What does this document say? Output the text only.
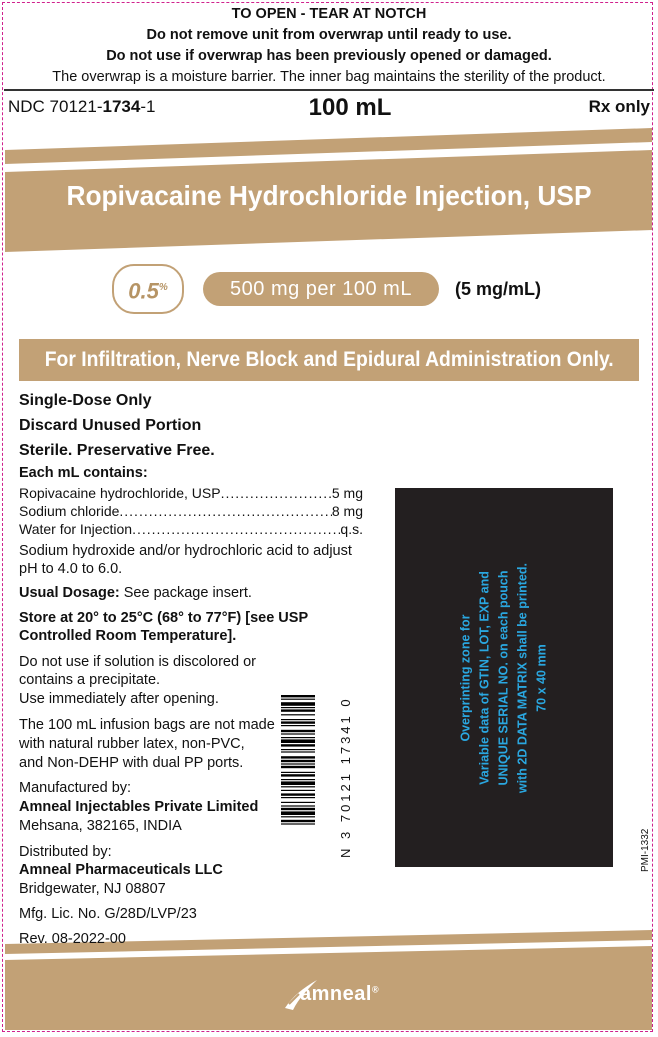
TO OPEN - TEAR AT NOTCH
Do not remove unit from overwrap until ready to use.
Do not use if overwrap has been previously opened or damaged.
The overwrap is a moisture barrier. The inner bag maintains the sterility of the product.
NDC 70121-1734-1	100 mL	Rx only
Ropivacaine Hydrochloride Injection, USP
0.5%	500 mg per 100 mL	(5 mg/mL)
For Infiltration, Nerve Block and Epidural Administration Only.
Single-Dose Only
Discard Unused Portion
Sterile. Preservative Free.
Each mL contains:
Ropivacaine hydrochloride, USP .....	5 mg
Sodium chloride .....	8 mg
Water for Injection .....	q.s.
Sodium hydroxide and/or hydrochloric acid to adjust
pH to 4.0 to 6.0.
Usual Dosage: See package insert.
Store at 20° to 25°C (68° to 77°F) [see USP
Controlled Room Temperature].
Do not use if solution is discolored or
contains a precipitate.
Use immediately after opening.
The 100 mL infusion bags are not made
with natural rubber latex, non-PVC,
and Non-DEHP with dual PP ports.
Manufactured by:
Amneal Injectables Private Limited
Mehsana, 382165, INDIA
Distributed by:
Amneal Pharmaceuticals LLC
Bridgewater, NJ 08807
Mfg. Lic. No. G/28D/LVP/23
Rev. 08-2022-00
N 3 70121 17341 0
Overprinting zone for Variable data of GTIN, LOT, EXP and UNIQUE SERIAL NO. on each pouch with 2D DATA MATRIX shall be printed. 70 x 40 mm
PMI-1332
amneal®
